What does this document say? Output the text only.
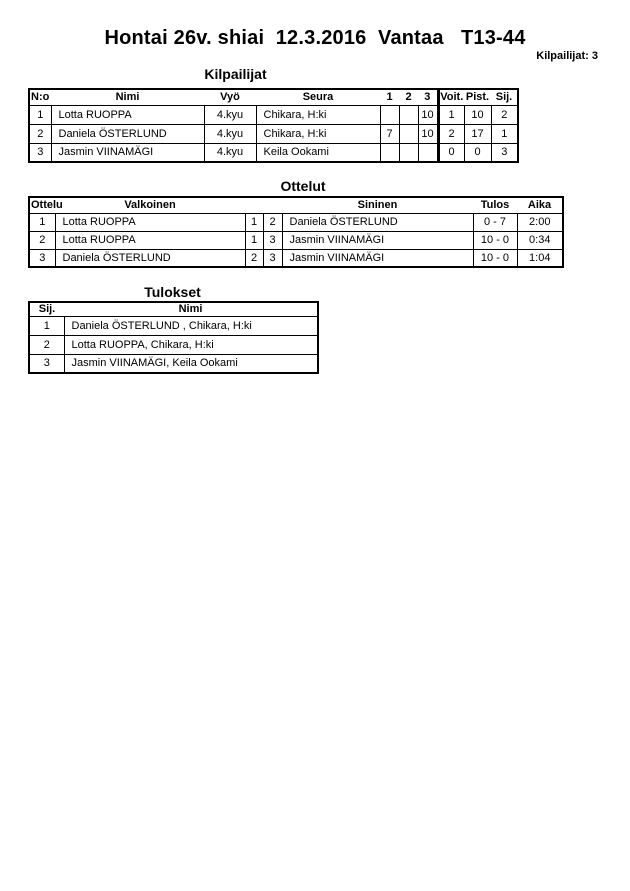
Hontai 26v. shiai  12.3.2016  Vantaa   T13-44
Kilpailijat: 3
Kilpailijat
N:o	Nimi	Vyö	Seura	1	2	3	Voit.	Pist.	Sij.
1	Lotta RUOPPA	4.kyu	Chikara, H:ki			10	1	10	2
2	Daniela ÖSTERLUND	4.kyu	Chikara, H:ki	7		10	2	17	1
3	Jasmin VIINAMÄGI	4.kyu	Keila Ookami				0	0	3
Ottelut
Ottelu	Valkoinen			Sininen	Tulos	Aika
1	Lotta RUOPPA	1	2	Daniela ÖSTERLUND	0 - 7	2:00
2	Lotta RUOPPA	1	3	Jasmin VIINAMÄGI	10 - 0	0:34
3	Daniela ÖSTERLUND	2	3	Jasmin VIINAMÄGI	10 - 0	1:04
Tulokset
Sij.	Nimi
1	Daniela ÖSTERLUND , Chikara, H:ki
2	Lotta RUOPPA, Chikara, H:ki
3	Jasmin VIINAMÄGI, Keila Ookami
